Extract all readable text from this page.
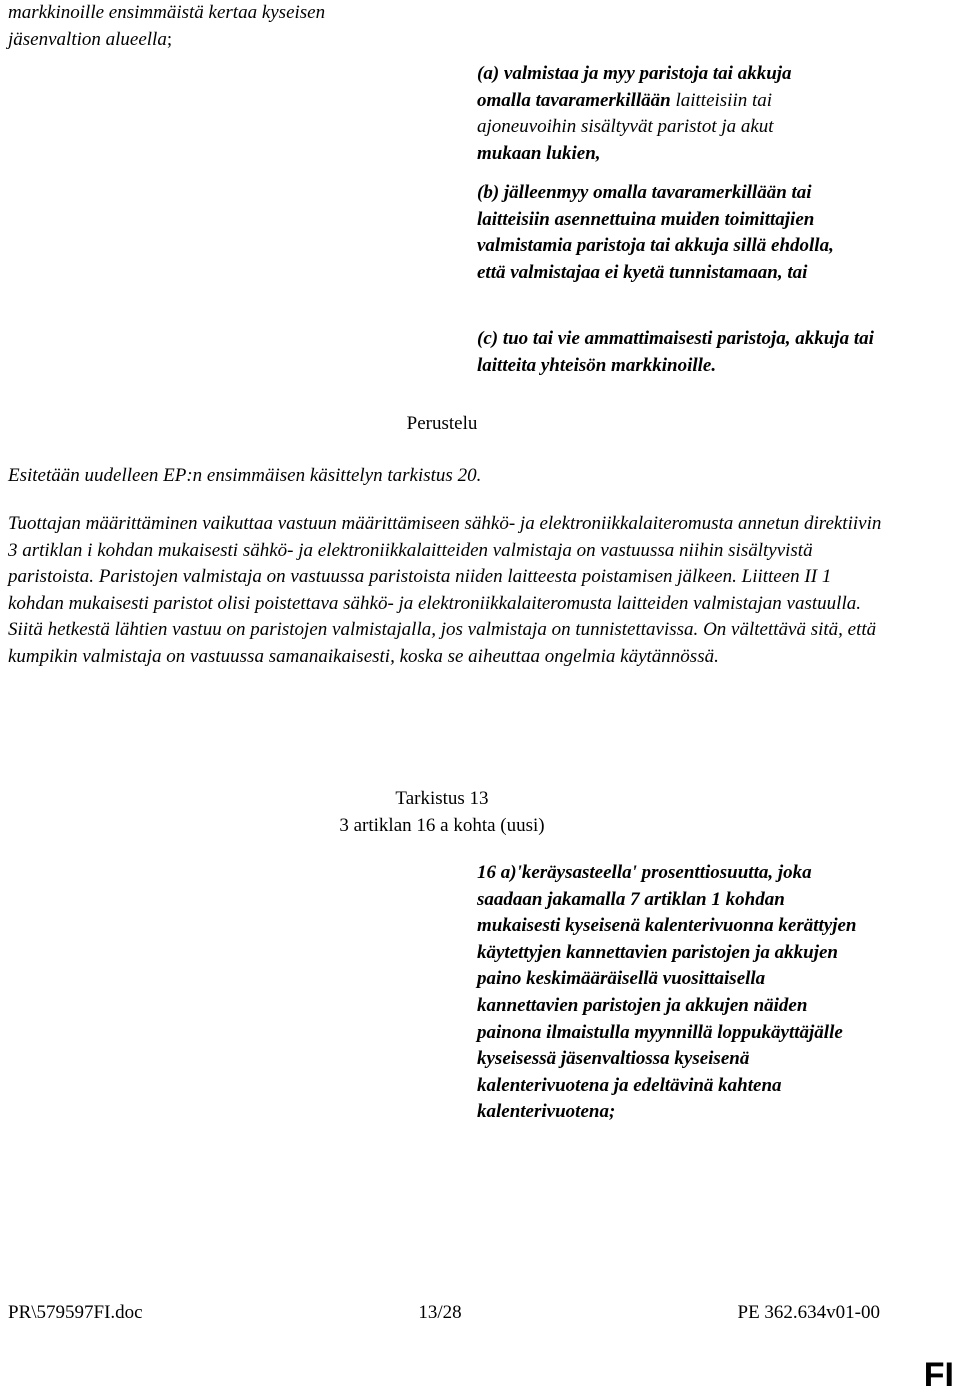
markkinoille ensimmäistä kertaa kyseisen
jäsenvaltion alueella;

(a) valmistaa ja myy paristoja tai akkuja
omalla tavaramerkillään laitteisiin tai
ajoneuvoihin sisältyvät paristot ja akut
mukaan lukien,

(b) jälleenmyy omalla tavaramerkillään tai laitteisiin asennettuina muiden toimittajien valmistamia paristoja tai akkuja sillä ehdolla, että valmistajaa ei kyetä tunnistamaan, tai

(c) tuo tai vie ammattimaisesti paristoja, akkuja tai laitteita yhteisön markkinoille.

Perustelu
Esitetään uudelleen EP:n ensimmäisen käsittelyn tarkistus 20.

Tuottajan määrittäminen vaikuttaa vastuun määrittämiseen sähkö- ja elektroniikkalaiteromusta annetun direktiivin 3 artiklan i kohdan mukaisesti sähkö- ja elektroniikkalaitteiden valmistaja on vastuussa niihin sisältyvistä paristoista. Paristojen valmistaja on vastuussa paristoista niiden laitteesta poistamisen jälkeen. Liitteen II 1 kohdan mukaisesti paristot olisi poistettava sähkö- ja elektroniikkalaiteromusta laitteiden valmistajan vastuulla. Siitä hetkestä lähtien vastuu on paristojen valmistajalla, jos valmistaja on tunnistettavissa. On vältettävä sitä, että kumpikin valmistaja on vastuussa samanaikaisesti, koska se aiheuttaa ongelmia käytännössä.

Tarkistus 13
3 artiklan 16 a kohta (uusi)

16 a)'keräysasteella' prosenttiosuutta, joka saadaan jakamalla 7 artiklan 1 kohdan mukaisesti kyseisenä kalenterivuonna kerättyjen käytettyjen kannettavien paristojen ja akkujen paino keskimääräisellä vuosittaisella kannettavien paristojen ja akkujen näiden painona ilmaistulla myynnillä loppukäyttäjälle kyseisessä jäsenvaltiossa kyseisenä kalenterivuotena ja edeltävinä kahtena kalenterivuotena;

PR\579597FI.doc	13/28	PE 362.634v01-00
FI
